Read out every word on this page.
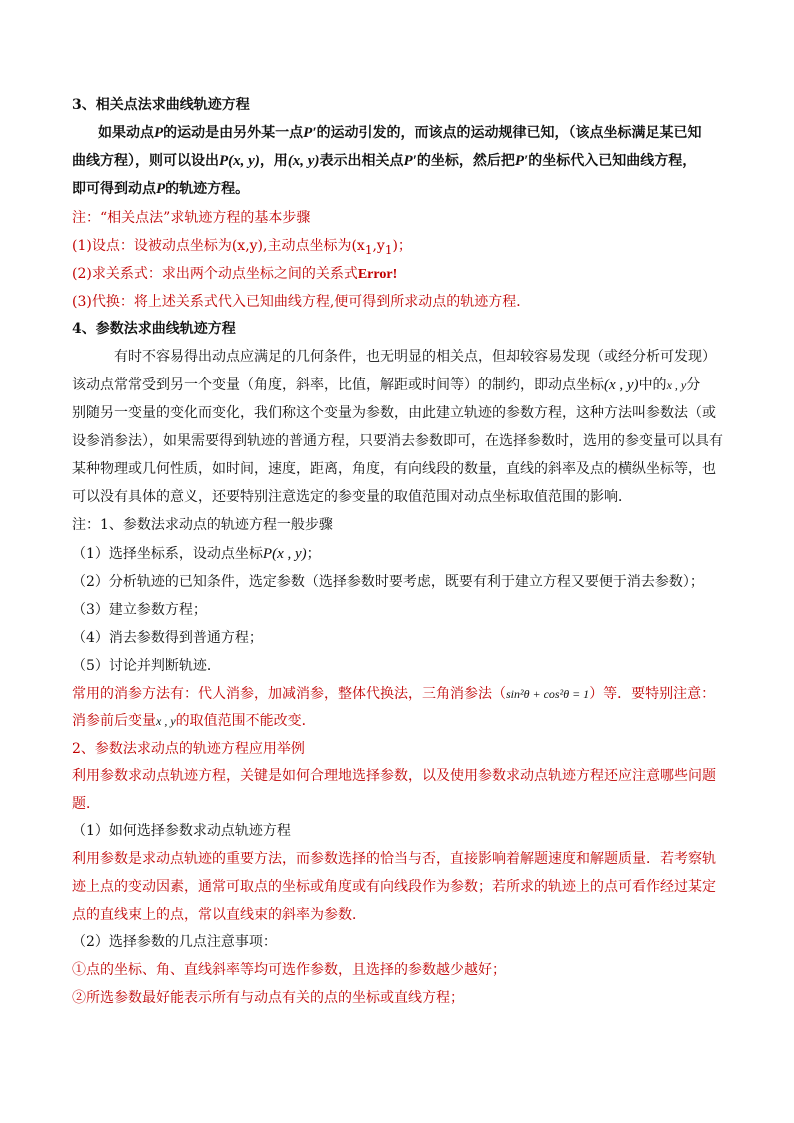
3、相关点法求曲线轨迹方程
如果动点P的运动是由另外某一点P′的运动引发的，而该点的运动规律已知，（该点坐标满足某已知
曲线方程），则可以设出P(x, y)，用(x, y)表示出相关点P′的坐标，然后把P′的坐标代入已知曲线方程，
即可得到动点P的轨迹方程。
注：“相关点法”求轨迹方程的基本步骤
(1)设点：设被动点坐标为(x,y),主动点坐标为$(x_1,y_1)$；
(2)求关系式：求出两个动点坐标之间的关系式Error!
(3)代换：将上述关系式代入已知曲线方程,便可得到所求动点的轨迹方程．
4、参数法求曲线轨迹方程
有时不容易得出动点应满足的几何条件，也无明显的相关点，但却较容易发现（或经分析可发现）
该动点常常受到另一个变量（角度，斜率，比值，解距或时间等）的制约，即动点坐标(x , y)中的x , y分
别随另一变量的变化而变化，我们称这个变量为参数，由此建立轨迹的参数方程，这种方法叫参数法（或
设参消参法），如果需要得到轨迹的普通方程，只要消去参数即可，在选择参数时，选用的参变量可以具有
某种物理或几何性质，如时间，速度，距离，角度，有向线段的数量，直线的斜率及点的横纵坐标等，也
可以没有具体的意义，还要特别注意选定的参变量的取值范围对动点坐标取值范围的影响．
注：1、参数法求动点的轨迹方程一般步骤
（1）选择坐标系，设动点坐标P(x , y)；
（2）分析轨迹的已知条件，选定参数（选择参数时要考虑，既要有利于建立方程又要便于消去参数）；
（3）建立参数方程；
（4）消去参数得到普通方程；
（5）讨论并判断轨迹．
常用的消参方法有：代人消参，加减消参，整体代换法，三角消参法（sin²θ + cos²θ = 1）等．要特别注意：
消参前后变量x , y的取值范围不能改变．
2、参数法求动点的轨迹方程应用举例
利用参数求动点轨迹方程，关键是如何合理地选择参数，以及使用参数求动点轨迹方程还应注意哪些问题
题．
（1）如何选择参数求动点轨迹方程
利用参数是求动点轨迹的重要方法，而参数选择的恰当与否，直接影响着解题速度和解题质量．若考察轨
迹上点的变动因素，通常可取点的坐标或角度或有向线段作为参数；若所求的轨迹上的点可看作经过某定
点的直线束上的点，常以直线束的斜率为参数．
（2）选择参数的几点注意事项：
①点的坐标、角、直线斜率等均可选作参数，且选择的参数越少越好；
②所选参数最好能表示所有与动点有关的点的坐标或直线方程；
